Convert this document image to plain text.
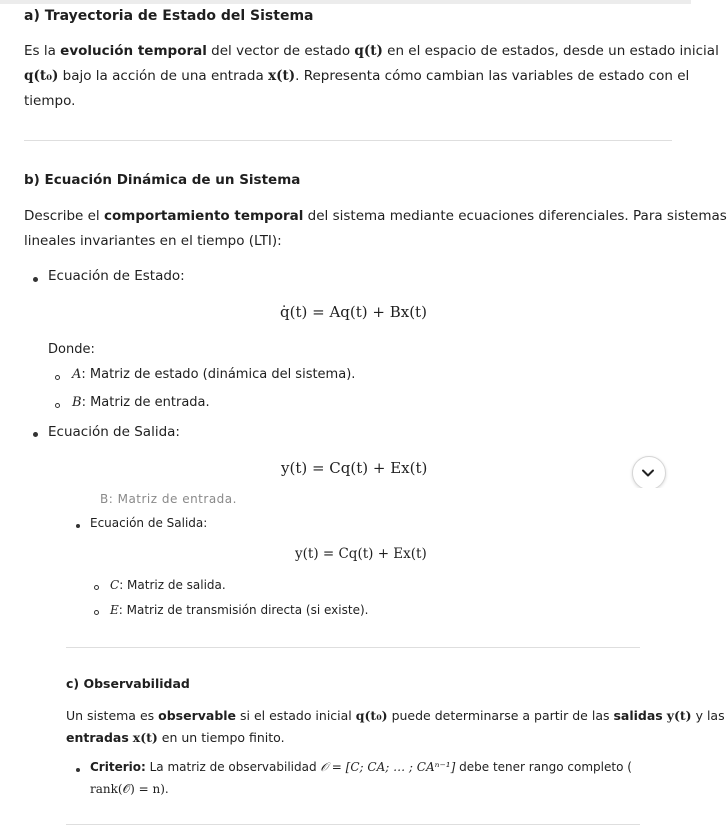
a) Trayectoria de Estado del Sistema
Es la evolución temporal del vector de estado q(t) en el espacio de estados, desde un estado inicial
q(t₀) bajo la acción de una entrada x(t). Representa cómo cambian las variables de estado con el
tiempo.
b) Ecuación Dinámica de un Sistema
Describe el comportamiento temporal del sistema mediante ecuaciones diferenciales. Para sistemas
lineales invariantes en el tiempo (LTI):
Ecuación de Estado:
q̇(t) = Aq(t) + Bx(t)
Donde:
A: Matriz de estado (dinámica del sistema).
B: Matriz de entrada.
Ecuación de Salida:
y(t) = Cq(t) + Ex(t)
B: Matriz de entrada.
Ecuación de Salida:
y(t) = Cq(t) + Ex(t)
C: Matriz de salida.
E: Matriz de transmisión directa (si existe).
c) Observabilidad
Un sistema es observable si el estado inicial q(t₀) puede determinarse a partir de las salidas y(t) y las
entradas x(t) en un tiempo finito.
Criterio: La matriz de observabilidad 𝒪 = [C; CA; … ; CAⁿ⁻¹] debe tener rango completo (
rank(𝒪) = n).
